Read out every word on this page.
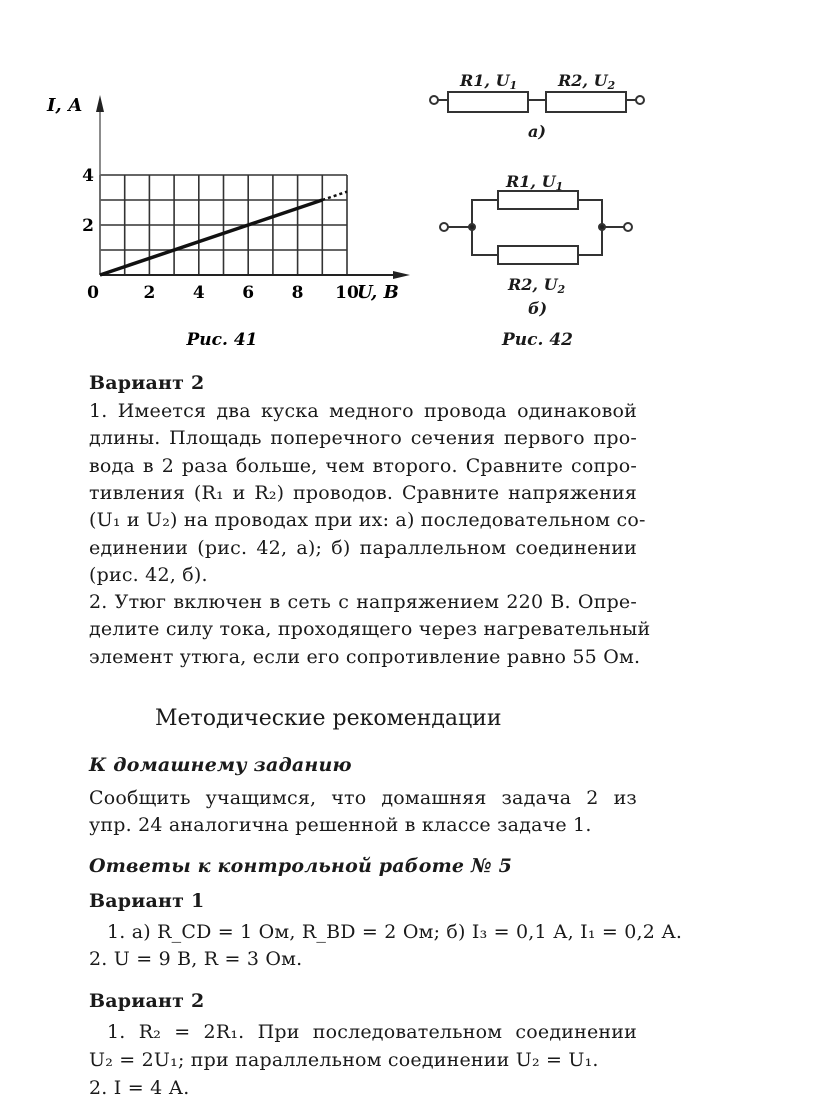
I, А
U, В
0	2 4 6 8 10
2
4
Рис. 41
R1, U1	R2, U2
а)
R1, U1
R2, U2
б)
Рис. 42
Вариант 2
1. Имеется два куска медного провода одинаковой
длины. Площадь поперечного сечения первого про-
вода в 2 раза больше, чем второго. Сравните сопро-
тивления (R₁ и R₂) проводов. Сравните напряжения
(U₁ и U₂) на проводах при их: а) последовательном со-
единении (рис. 42, а); б) параллельном соединении
(рис. 42, б).
2. Утюг включен в сеть с напряжением 220 В. Опре-
делите силу тока, проходящего через нагревательный
элемент утюга, если его сопротивление равно 55 Ом.
Методические рекомендации
К домашнему заданию
Сообщить учащимся, что домашняя задача 2 из
упр. 24 аналогична решенной в классе задаче 1.
Ответы к контрольной работе № 5
Вариант 1
1. а) R_CD = 1 Ом, R_BD = 2 Ом; б) I₃ = 0,1 А, I₁ = 0,2 А.
2. U = 9 В, R = 3 Ом.
Вариант 2
1. R₂ = 2R₁. При последовательном соединении
U₂ = 2U₁; при параллельном соединении U₂ = U₁.
2. I = 4 А.
